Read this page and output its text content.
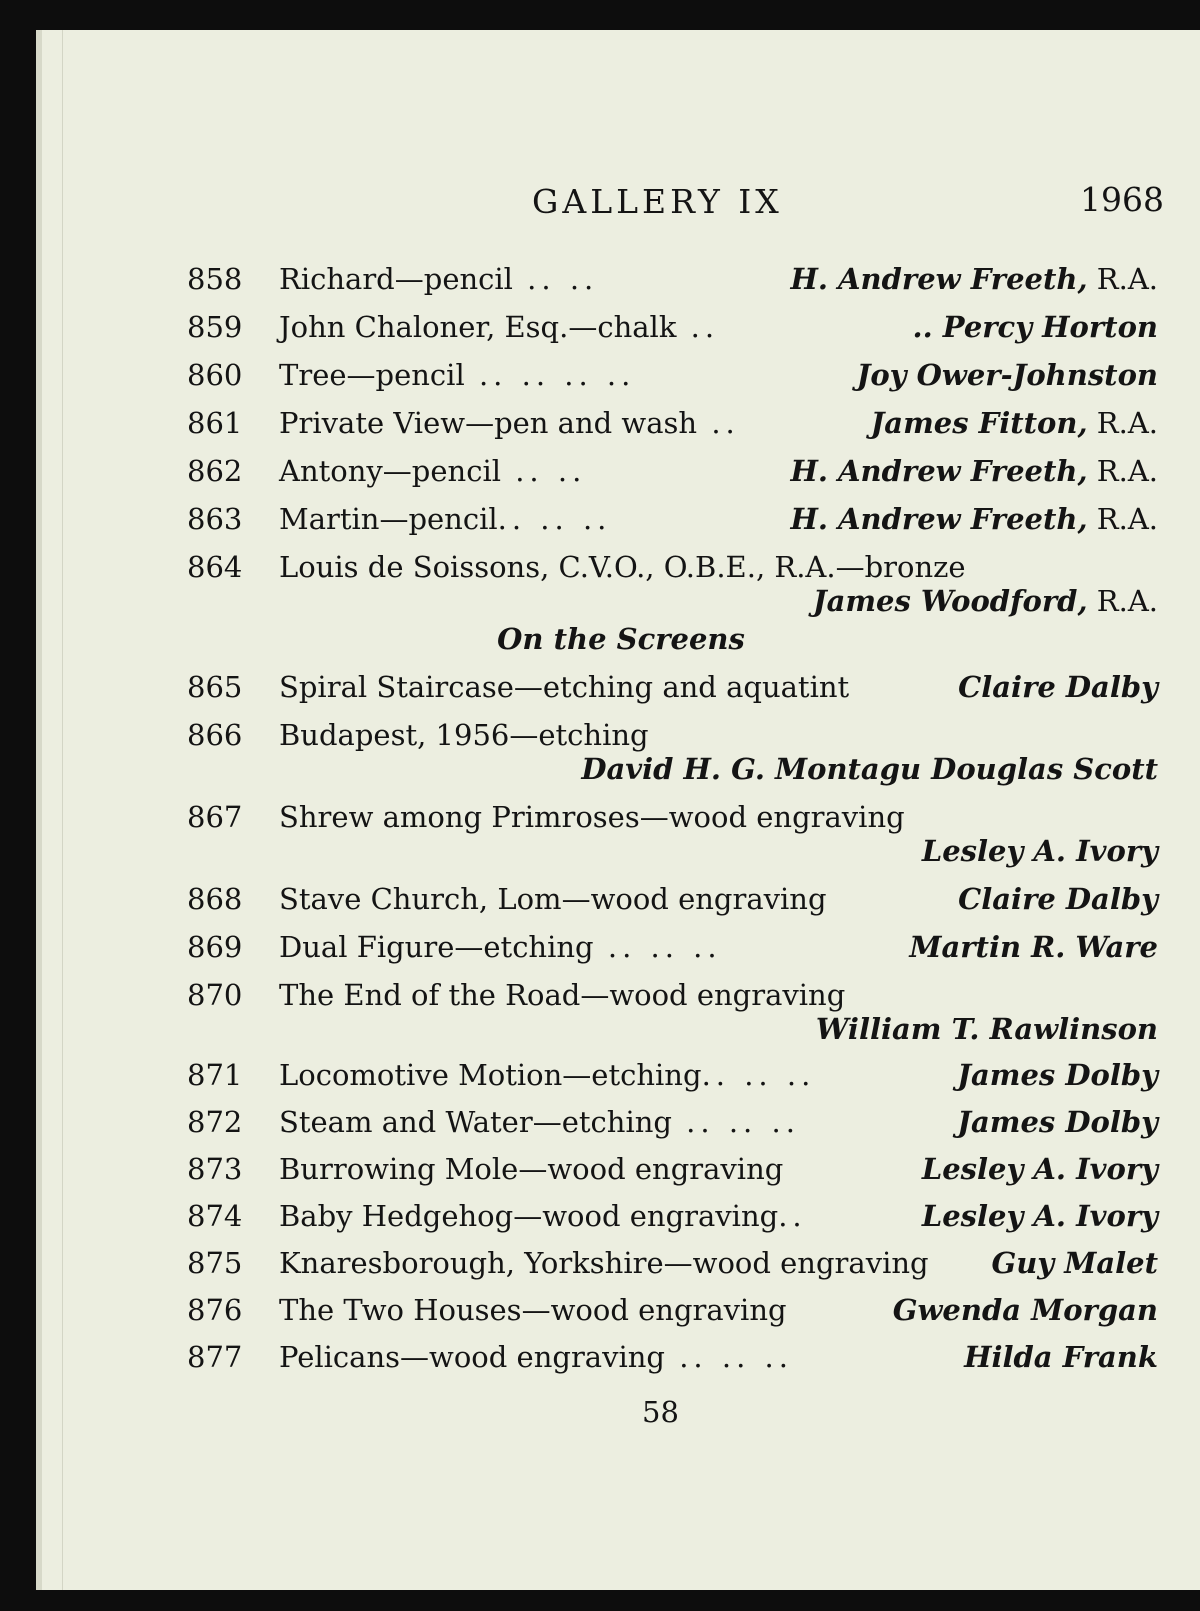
GALLERY IX	1968
858 Richard—pencil .. ..	H. Andrew Freeth, R.A.
859 John Chaloner, Esq.—chalk ..	.. Percy Horton
860 Tree—pencil .. .. .. ..	Joy Ower-Johnston
861 Private View—pen and wash ..	James Fitton, R.A.
862 Antony—pencil .. ..	H. Andrew Freeth, R.A.
863 Martin—pencil.. .. ..	H. Andrew Freeth, R.A.
864 Louis de Soissons, C.V.O., O.B.E., R.A.—bronze
James Woodford, R.A.
On the Screens
865 Spiral Staircase—etching and aquatint	Claire Dalby
866 Budapest, 1956—etching
David H. G. Montagu Douglas Scott
867 Shrew among Primroses—wood engraving
Lesley A. Ivory
868 Stave Church, Lom—wood engraving	Claire Dalby
869 Dual Figure—etching .. .. ..	Martin R. Ware
870 The End of the Road—wood engraving
William T. Rawlinson
871 Locomotive Motion—etching.. .. ..	James Dolby
872 Steam and Water—etching .. .. ..	James Dolby
873 Burrowing Mole—wood engraving	Lesley A. Ivory
874 Baby Hedgehog—wood engraving..	Lesley A. Ivory
875 Knaresborough, Yorkshire—wood engraving Guy Malet
876 The Two Houses—wood engraving	Gwenda Morgan
877 Pelicans—wood engraving .. .. ..	Hilda Frank
58
